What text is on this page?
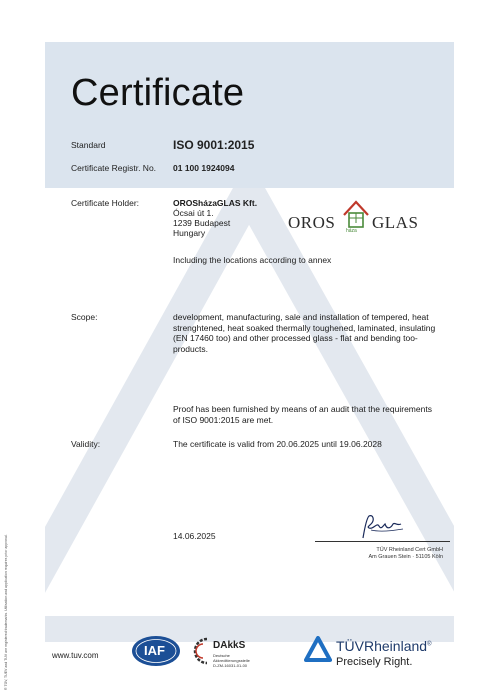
Certificate
Standard	ISO 9001:2015
Certificate Registr. No. 01 100 1924094
Certificate Holder:	OROSházaGLAS Kft.
Ócsai út 1.
1239 Budapest
Hungary
OROS háza GLAS
Including the locations according to annex
Scope:	development, manufacturing, sale and installation of tempered, heat strenghtened, heat soaked thermally toughened, laminated, insulating (EN 17460 too) and other processed glass - flat and bending too- products.
Proof has been furnished by means of an audit that the requirements of ISO 9001:2015 are met.
Validity:	The certificate is valid from 20.06.2025 until 19.06.2028
14.06.2025
TÜV Rheinland Cert GmbH
Am Grauen Stein · 51105 Köln
® TÜV, TUEV and TUV are registered trademarks. Utilisation and application requires prior approval.	www.tuv.com	IAF	DAkkS
Deutsche
Akkreditierungsstelle
D-ZM-16031-01-00
TÜVRheinland®
Precisely Right.
